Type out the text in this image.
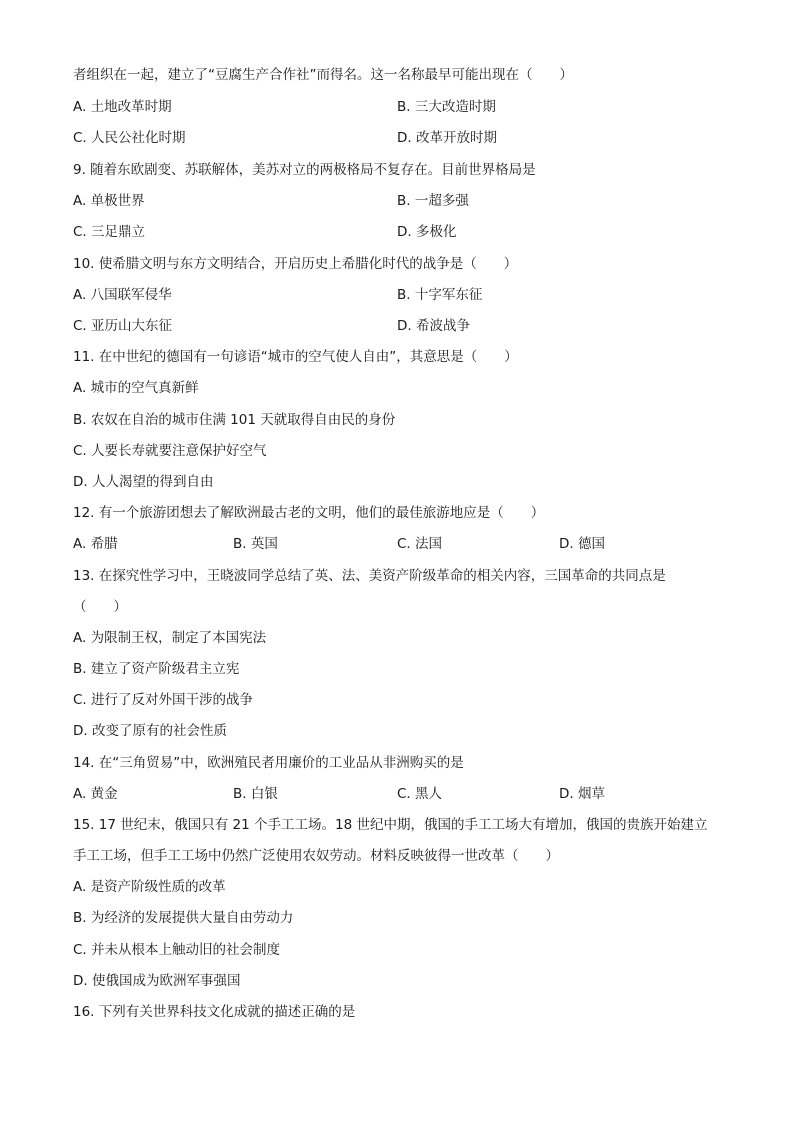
者组织在一起，建立了“豆腐生产合作社”而得名。这一名称最早可能出现在（　　）
A. 土地改革时期	B. 三大改造时期
C. 人民公社化时期	D. 改革开放时期
9. 随着东欧剧变、苏联解体，美苏对立的两极格局不复存在。目前世界格局是
A. 单极世界	B. 一超多强
C. 三足鼎立	D. 多极化
10. 使希腊文明与东方文明结合，开启历史上希腊化时代的战争是（　　）
A. 八国联军侵华	B. 十字军东征
C. 亚历山大东征	D. 希波战争
11. 在中世纪的德国有一句谚语“城市的空气使人自由”，其意思是（　　）
A. 城市的空气真新鲜
B. 农奴在自治的城市住满 101 天就取得自由民的身份
C. 人要长寿就要注意保护好空气
D. 人人渴望的得到自由
12. 有一个旅游团想去了解欧洲最古老的文明，他们的最佳旅游地应是（　　）
A. 希腊	B. 英国	C. 法国	D. 德国
13. 在探究性学习中，王晓波同学总结了英、法、美资产阶级革命的相关内容，三国革命的共同点是
（　　）
A. 为限制王权，制定了本国宪法
B. 建立了资产阶级君主立宪
C. 进行了反对外国干涉的战争
D. 改变了原有的社会性质
14. 在“三角贸易”中，欧洲殖民者用廉价的工业品从非洲购买的是
A. 黄金	B. 白银	C. 黑人	D. 烟草
15. 17 世纪末，俄国只有 21 个手工工场。18 世纪中期，俄国的手工工场大有增加，俄国的贵族开始建立
手工工场，但手工工场中仍然广泛使用农奴劳动。材料反映彼得一世改革（　　）
A. 是资产阶级性质的改革
B. 为经济的发展提供大量自由劳动力
C. 并未从根本上触动旧的社会制度
D. 使俄国成为欧洲军事强国
16. 下列有关世界科技文化成就的描述正确的是
